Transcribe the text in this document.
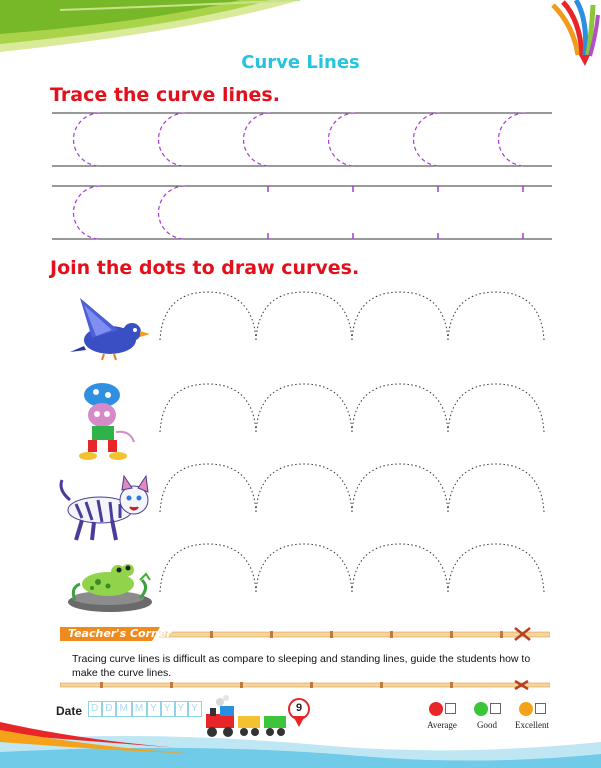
Curve Lines
Trace the curve lines.
Join the dots to draw curves.
Teacher's Corner
Tracing curve lines is difficult as compare to sleeping and standing lines, guide the students how to make the curve lines.
Date D D M M Y Y Y Y	9
Average	Good	Excellent
